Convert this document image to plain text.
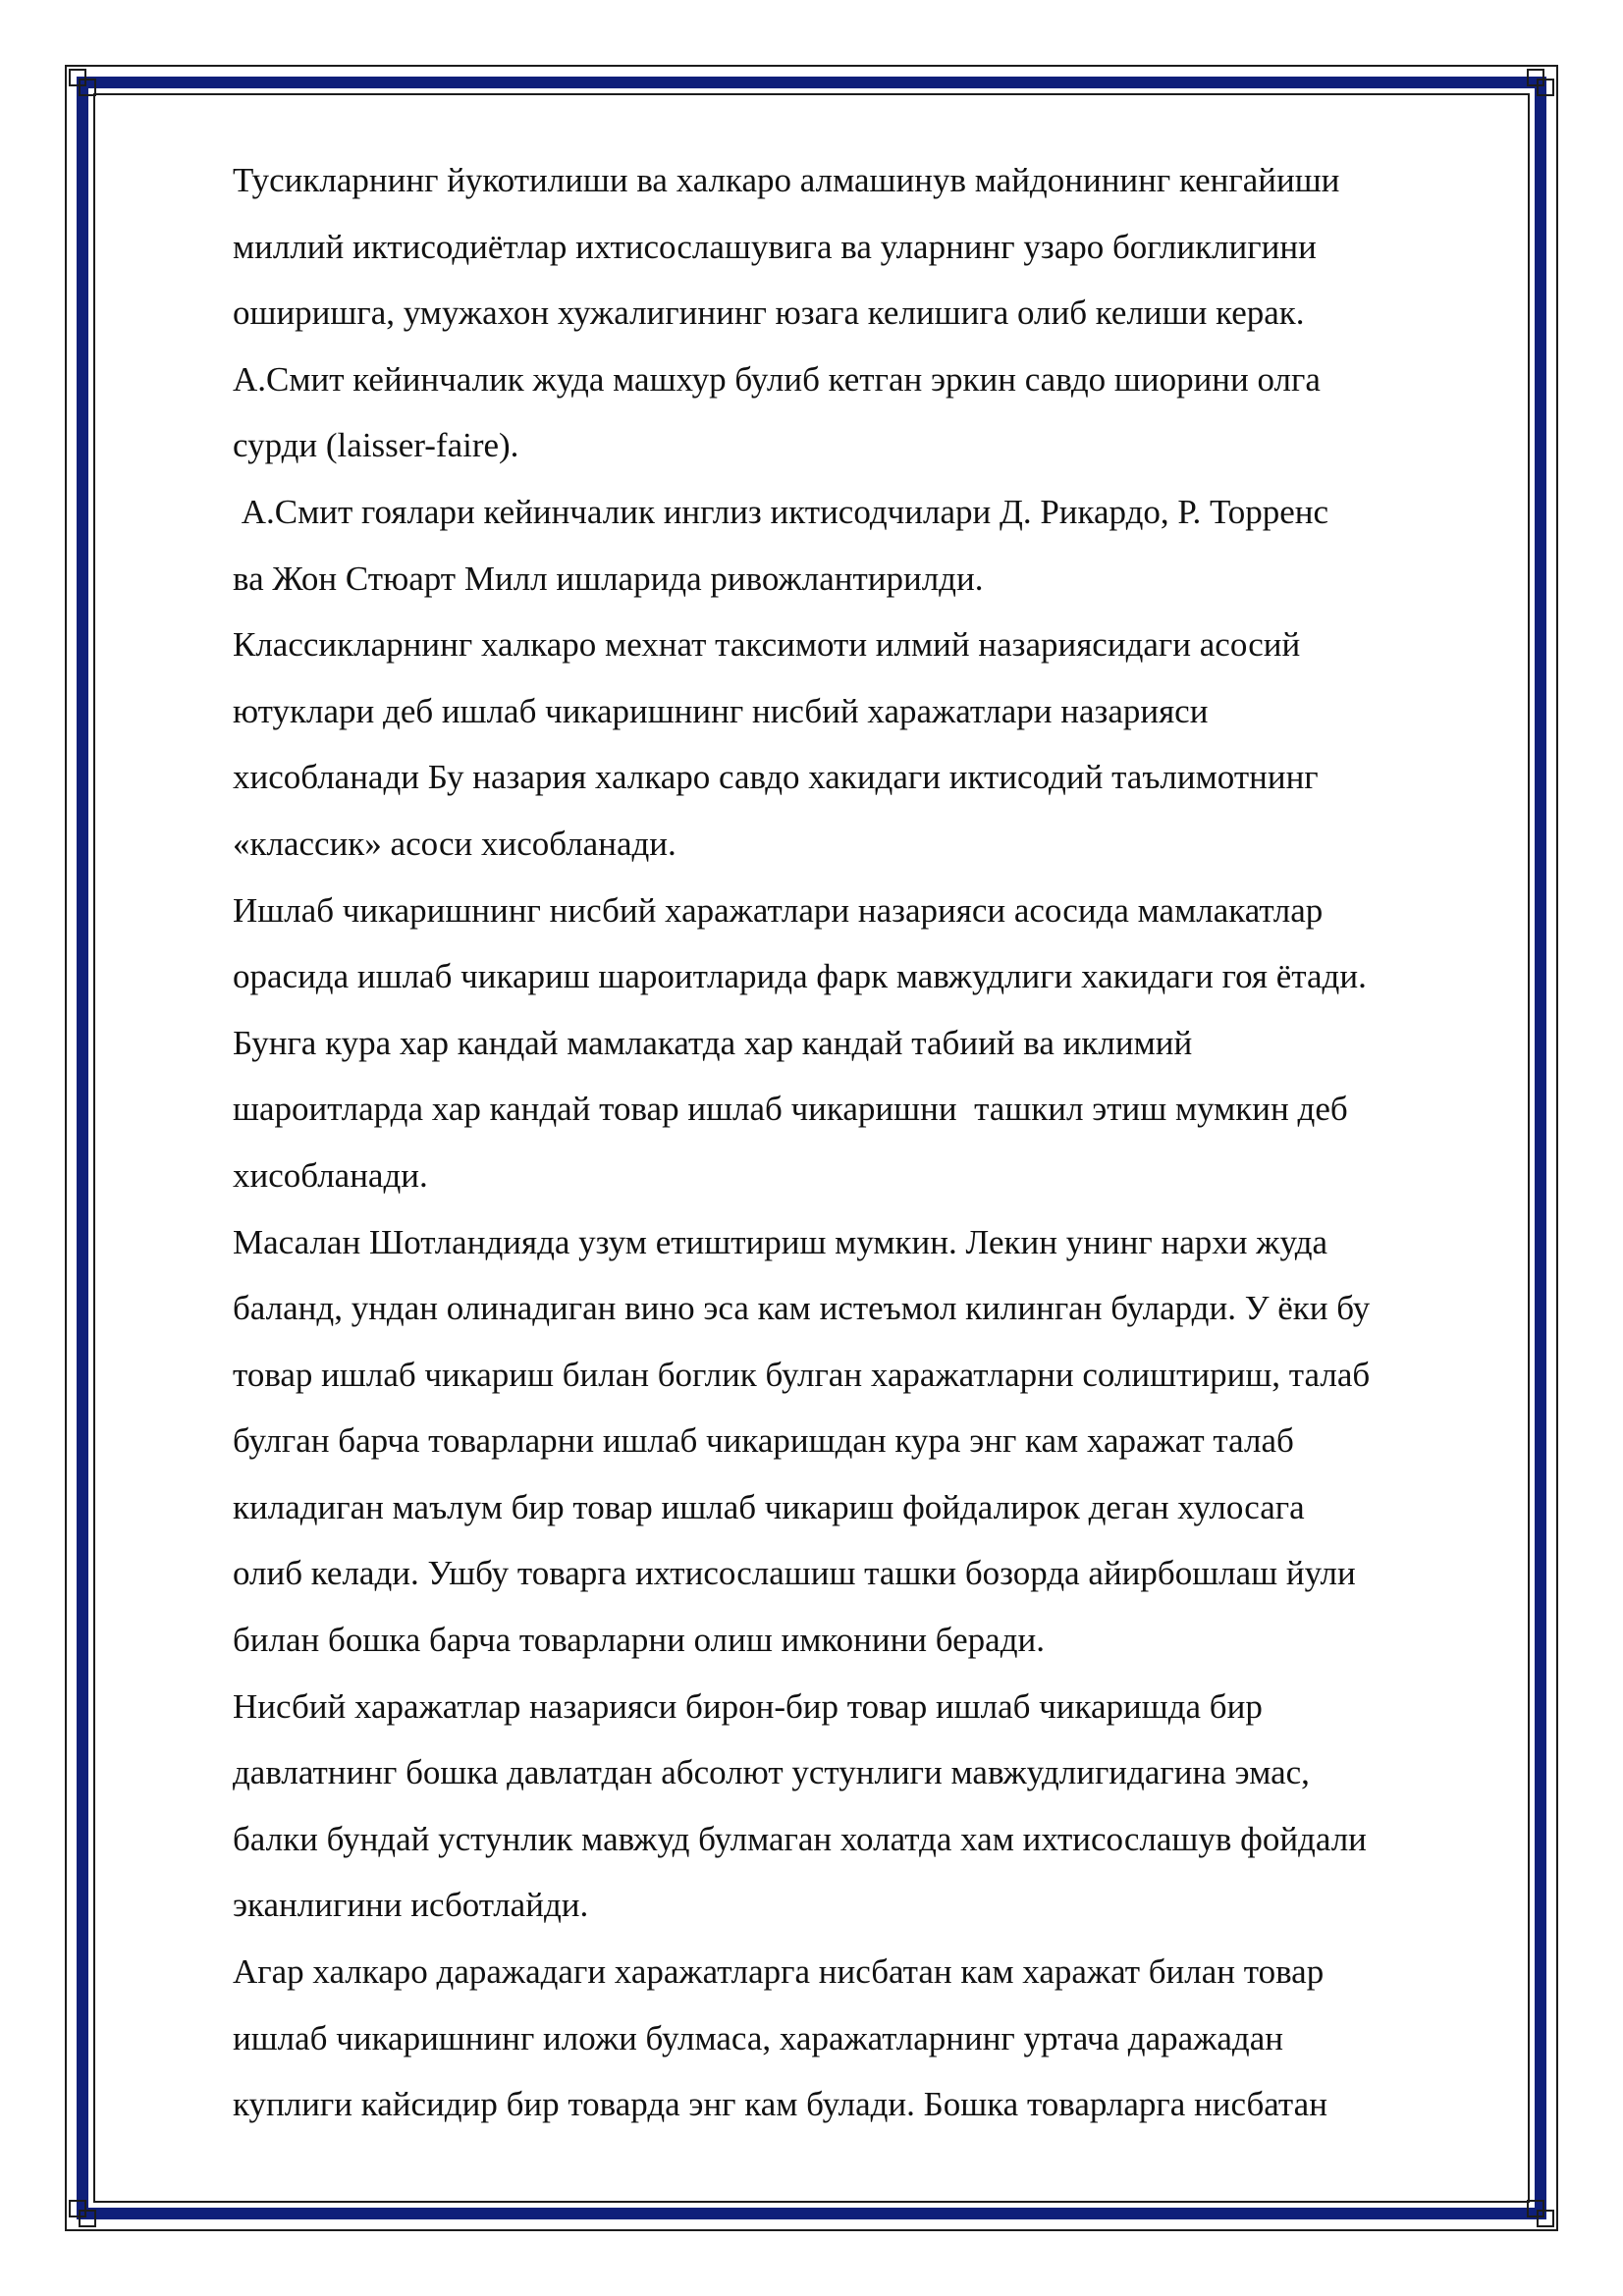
Тусикларнинг йукотилиши ва халкаро алмашинув майдонининг кенгайиши
миллий иктисодиётлар ихтисослашувига ва уларнинг узаро богликлигини
оширишга, умужахон хужалигининг юзага келишига олиб келиши керак.

А.Смит кейинчалик жуда машхур булиб кетган эркин савдо шиорини олга
сурди (laisser-faire).

А.Смит гоялари кейинчалик инглиз иктисодчилари Д. Рикардо, Р. Торренс
ва Жон Стюарт Милл ишларида ривожлантирилди.

Классикларнинг халкаро мехнат таксимоти илмий назариясидаги асосий
ютуклари деб ишлаб чикаришнинг нисбий харажатлари назарияси
хисобланади Бу назария халкаро савдо хакидаги иктисодий таълимотнинг
«классик» асоси хисобланади.

Ишлаб чикаришнинг нисбий харажатлари назарияси асосида мамлакатлар
орасида ишлаб чикариш шароитларида фарк мавжудлиги хакидаги гоя ётади.
Бунга кура хар кандай мамлакатда хар кандай табиий ва иклимий
шароитларда хар кандай товар ишлаб чикаришни  ташкил этиш мумкин деб
хисобланади.

Масалан Шотландияда узум етиштириш мумкин. Лекин унинг нархи жуда
баланд, ундан олинадиган вино эса кам истеъмол килинган буларди. У ёки бу
товар ишлаб чикариш билан боглик булган харажатларни солиштириш, талаб
булган барча товарларни ишлаб чикаришдан кура энг кам харажат талаб
киладиган маълум бир товар ишлаб чикариш фойдалирок деган хулосага
олиб келади. Ушбу товарга ихтисослашиш ташки бозорда айирбошлаш йули
билан бошка барча товарларни олиш имконини беради.

Нисбий харажатлар назарияси бирон-бир товар ишлаб чикаришда бир
давлатнинг бошка давлатдан абсолют устунлиги мавжудлигидагина эмас,
балки бундай устунлик мавжуд булмаган холатда хам ихтисослашув фойдали
эканлигини исботлайди.

Агар халкаро даражадаги харажатларга нисбатан кам харажат билан товар
ишлаб чикаришнинг иложи булмаса, харажатларнинг уртача даражадан
куплиги кайсидир бир товарда энг кам булади. Бошка товарларга нисбатан
